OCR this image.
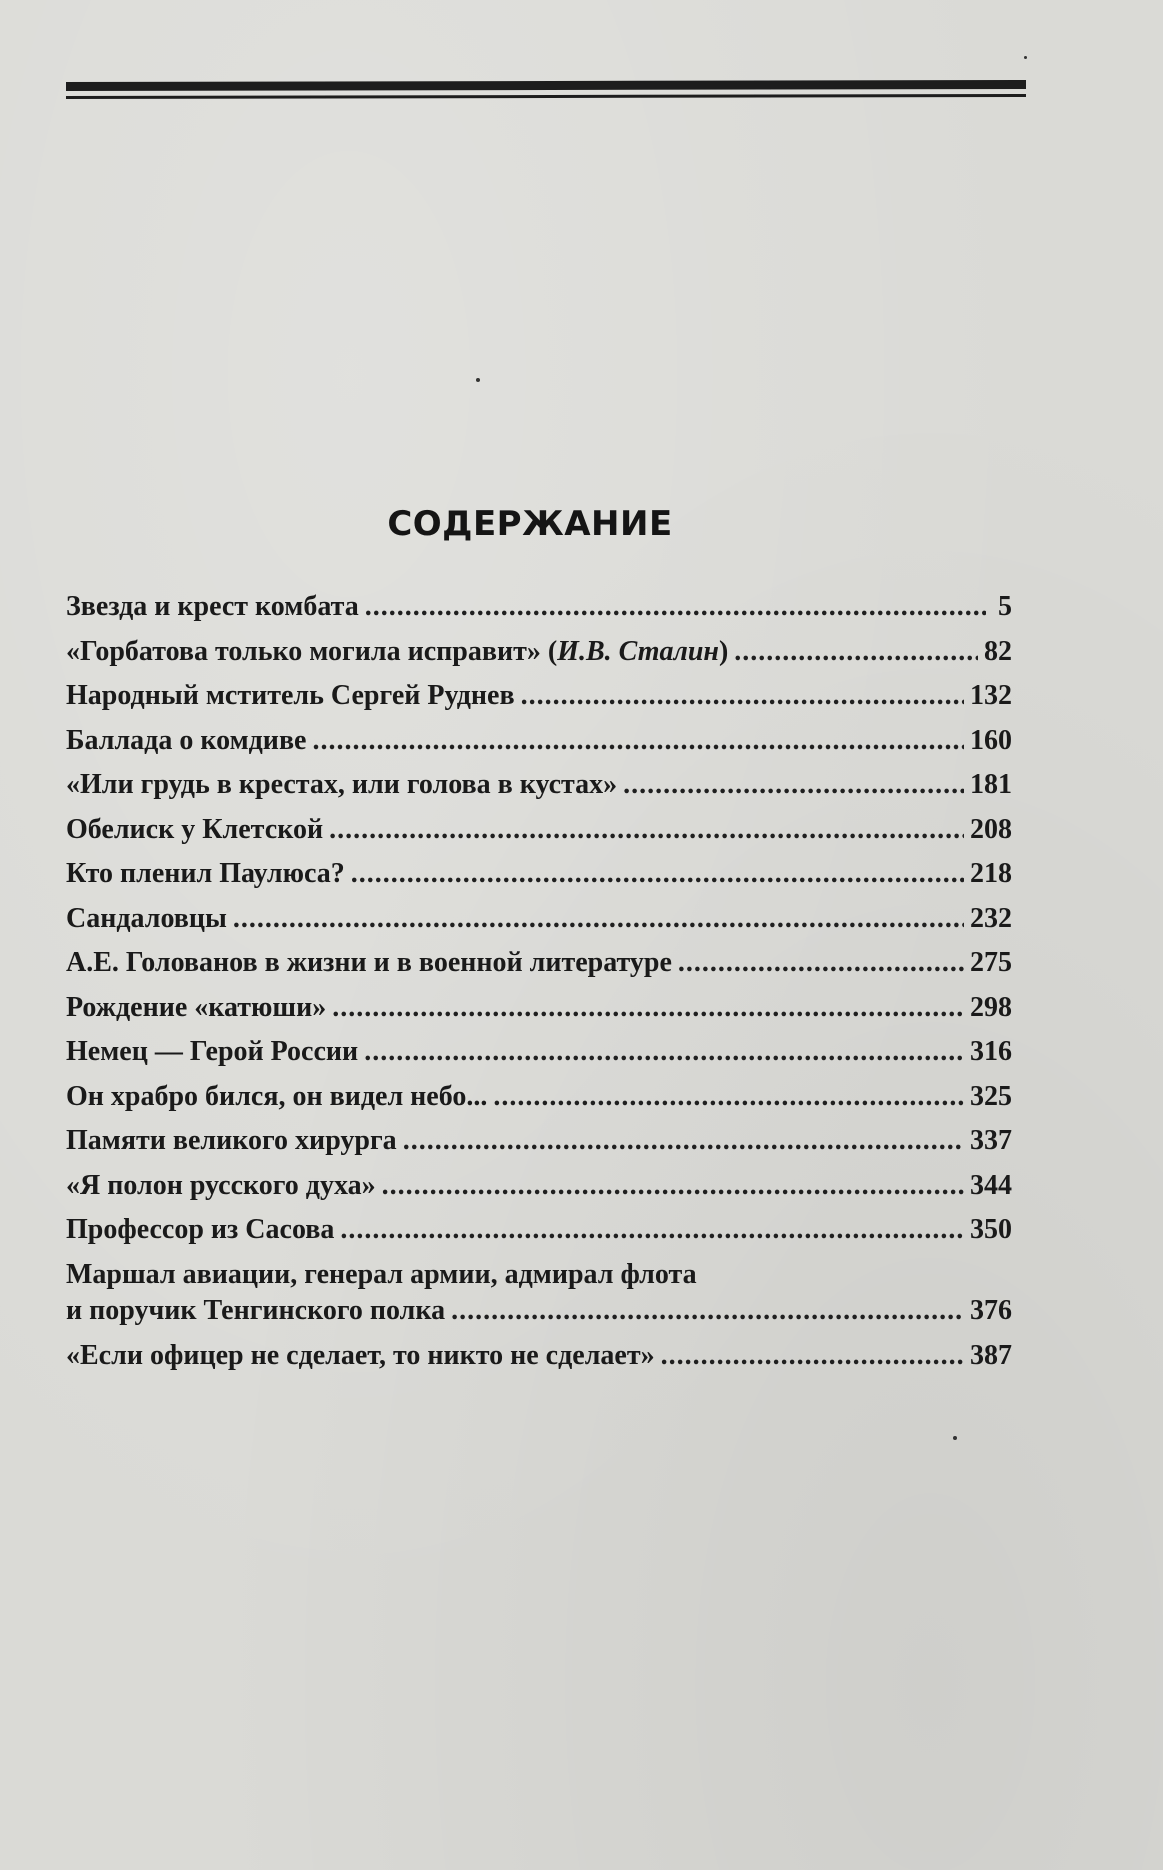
СОДЕРЖАНИЕ
Звезда и крест комбата .....	5
«Горбатова только могила исправит» (И.В. Сталин) .....	82
Народный мститель Сергей Руднев .....	132
Баллада о комдиве .....	160
«Или грудь в крестах, или голова в кустах» .....	181
Обелиск у Клетской .....	208
Кто пленил Паулюса? .....	218
Сандаловцы .....	232
А.Е. Голованов в жизни и в военной литературе .....	275
Рождение «катюши» .....	298
Немец — Герой России .....	316
Он храбро бился, он видел небо... .....	325
Памяти великого хирурга .....	337
«Я полон русского духа» .....	344
Профессор из Сасова .....	350
Маршал авиации, генерал армии, адмирал флота
и поручик Тенгинского полка .....	376
«Если офицер не сделает, то никто не сделает» .....	387
